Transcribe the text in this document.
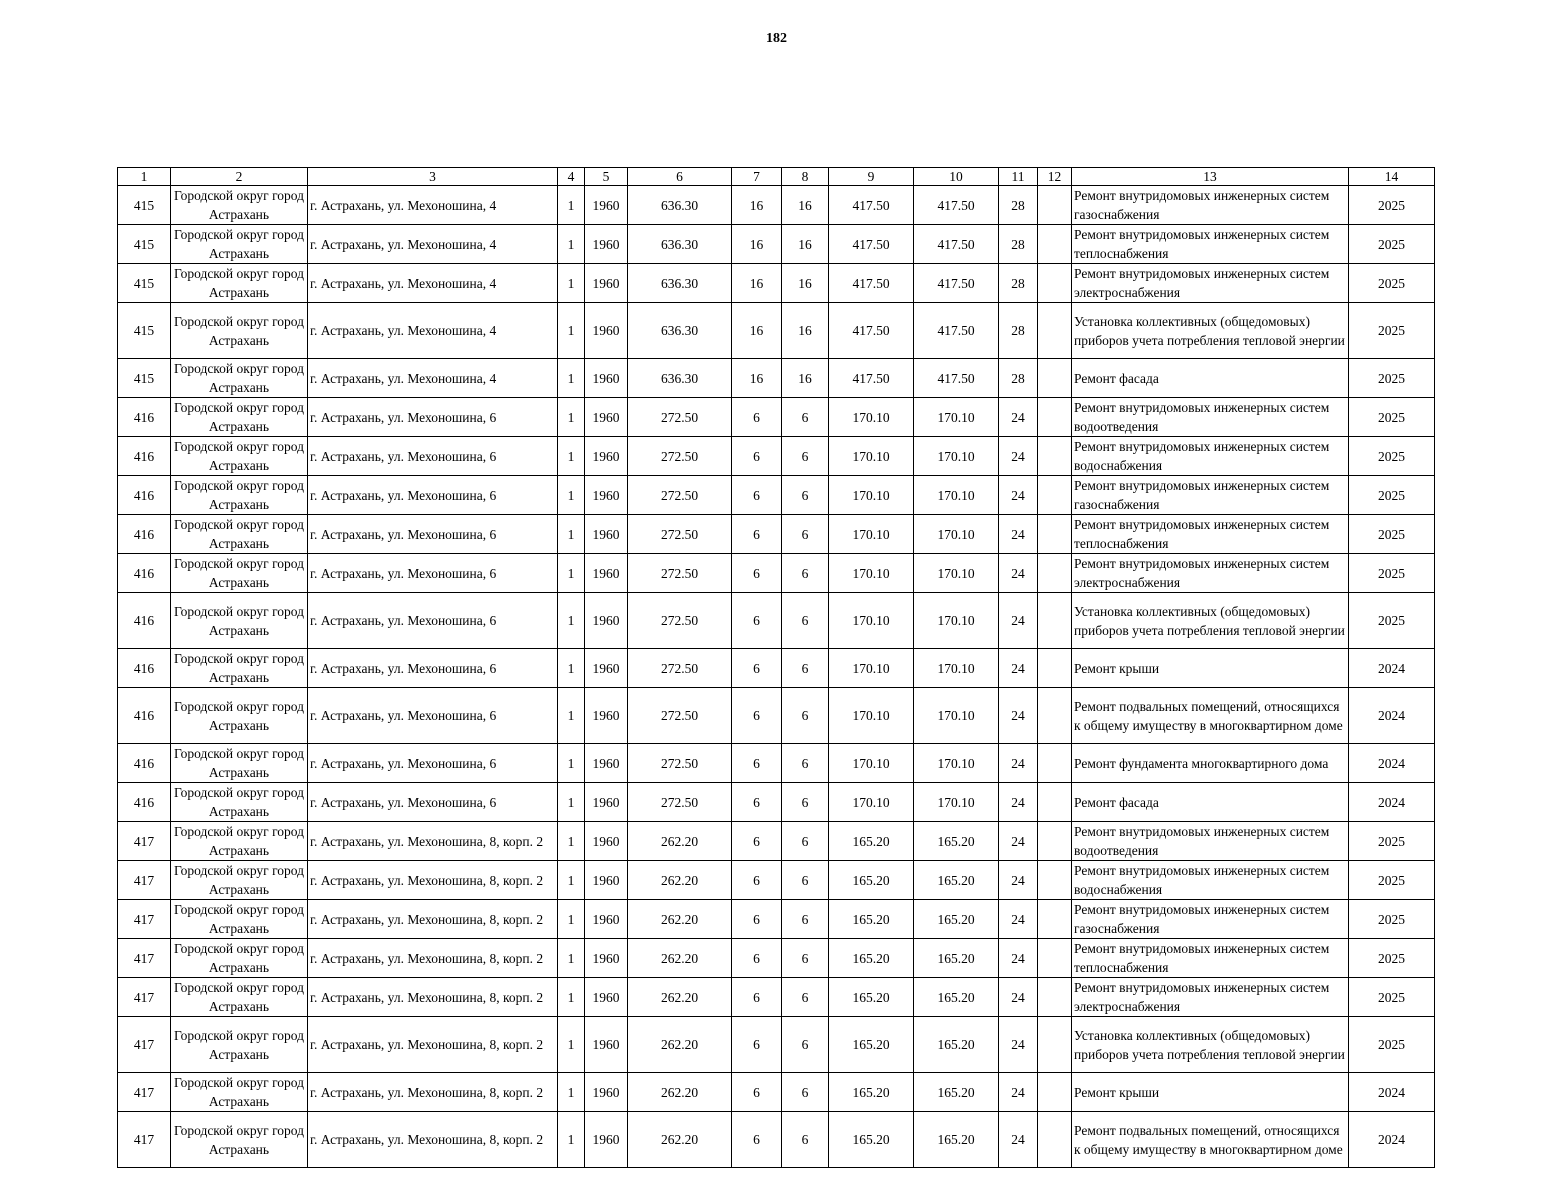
182
1	2	3	4	5	6	7	8	9	10	11	12	13	14
415	Городской округ город Астрахань	г. Астрахань, ул. Мехоношина, 4	1	1960	636.30	16	16	417.50	417.50	28		Ремонт внутридомовых инженерных систем газоснабжения	2025
415	Городской округ город Астрахань	г. Астрахань, ул. Мехоношина, 4	1	1960	636.30	16	16	417.50	417.50	28		Ремонт внутридомовых инженерных систем теплоснабжения	2025
415	Городской округ город Астрахань	г. Астрахань, ул. Мехоношина, 4	1	1960	636.30	16	16	417.50	417.50	28		Ремонт внутридомовых инженерных систем электроснабжения	2025
415	Городской округ город Астрахань	г. Астрахань, ул. Мехоношина, 4	1	1960	636.30	16	16	417.50	417.50	28		Установка коллективных (общедомовых) приборов учета потребления тепловой энергии	2025
415	Городской округ город Астрахань	г. Астрахань, ул. Мехоношина, 4	1	1960	636.30	16	16	417.50	417.50	28		Ремонт фасада	2025
416	Городской округ город Астрахань	г. Астрахань, ул. Мехоношина, 6	1	1960	272.50	6	6	170.10	170.10	24		Ремонт внутридомовых инженерных систем водоотведения	2025
416	Городской округ город Астрахань	г. Астрахань, ул. Мехоношина, 6	1	1960	272.50	6	6	170.10	170.10	24		Ремонт внутридомовых инженерных систем водоснабжения	2025
416	Городской округ город Астрахань	г. Астрахань, ул. Мехоношина, 6	1	1960	272.50	6	6	170.10	170.10	24		Ремонт внутридомовых инженерных систем газоснабжения	2025
416	Городской округ город Астрахань	г. Астрахань, ул. Мехоношина, 6	1	1960	272.50	6	6	170.10	170.10	24		Ремонт внутридомовых инженерных систем теплоснабжения	2025
416	Городской округ город Астрахань	г. Астрахань, ул. Мехоношина, 6	1	1960	272.50	6	6	170.10	170.10	24		Ремонт внутридомовых инженерных систем электроснабжения	2025
416	Городской округ город Астрахань	г. Астрахань, ул. Мехоношина, 6	1	1960	272.50	6	6	170.10	170.10	24		Установка коллективных (общедомовых) приборов учета потребления тепловой энергии	2025
416	Городской округ город Астрахань	г. Астрахань, ул. Мехоношина, 6	1	1960	272.50	6	6	170.10	170.10	24		Ремонт крыши	2024
416	Городской округ город Астрахань	г. Астрахань, ул. Мехоношина, 6	1	1960	272.50	6	6	170.10	170.10	24		Ремонт подвальных помещений, относящихся к общему имуществу в многоквартирном доме	2024
416	Городской округ город Астрахань	г. Астрахань, ул. Мехоношина, 6	1	1960	272.50	6	6	170.10	170.10	24		Ремонт фундамента многоквартирного дома	2024
416	Городской округ город Астрахань	г. Астрахань, ул. Мехоношина, 6	1	1960	272.50	6	6	170.10	170.10	24		Ремонт фасада	2024
417	Городской округ город Астрахань	г. Астрахань, ул. Мехоношина, 8, корп. 2	1	1960	262.20	6	6	165.20	165.20	24		Ремонт внутридомовых инженерных систем водоотведения	2025
417	Городской округ город Астрахань	г. Астрахань, ул. Мехоношина, 8, корп. 2	1	1960	262.20	6	6	165.20	165.20	24		Ремонт внутридомовых инженерных систем водоснабжения	2025
417	Городской округ город Астрахань	г. Астрахань, ул. Мехоношина, 8, корп. 2	1	1960	262.20	6	6	165.20	165.20	24		Ремонт внутридомовых инженерных систем газоснабжения	2025
417	Городской округ город Астрахань	г. Астрахань, ул. Мехоношина, 8, корп. 2	1	1960	262.20	6	6	165.20	165.20	24		Ремонт внутридомовых инженерных систем теплоснабжения	2025
417	Городской округ город Астрахань	г. Астрахань, ул. Мехоношина, 8, корп. 2	1	1960	262.20	6	6	165.20	165.20	24		Ремонт внутридомовых инженерных систем электроснабжения	2025
417	Городской округ город Астрахань	г. Астрахань, ул. Мехоношина, 8, корп. 2	1	1960	262.20	6	6	165.20	165.20	24		Установка коллективных (общедомовых) приборов учета потребления тепловой энергии	2025
417	Городской округ город Астрахань	г. Астрахань, ул. Мехоношина, 8, корп. 2	1	1960	262.20	6	6	165.20	165.20	24		Ремонт крыши	2024
417	Городской округ город Астрахань	г. Астрахань, ул. Мехоношина, 8, корп. 2	1	1960	262.20	6	6	165.20	165.20	24		Ремонт подвальных помещений, относящихся к общему имуществу в многоквартирном доме	2024
